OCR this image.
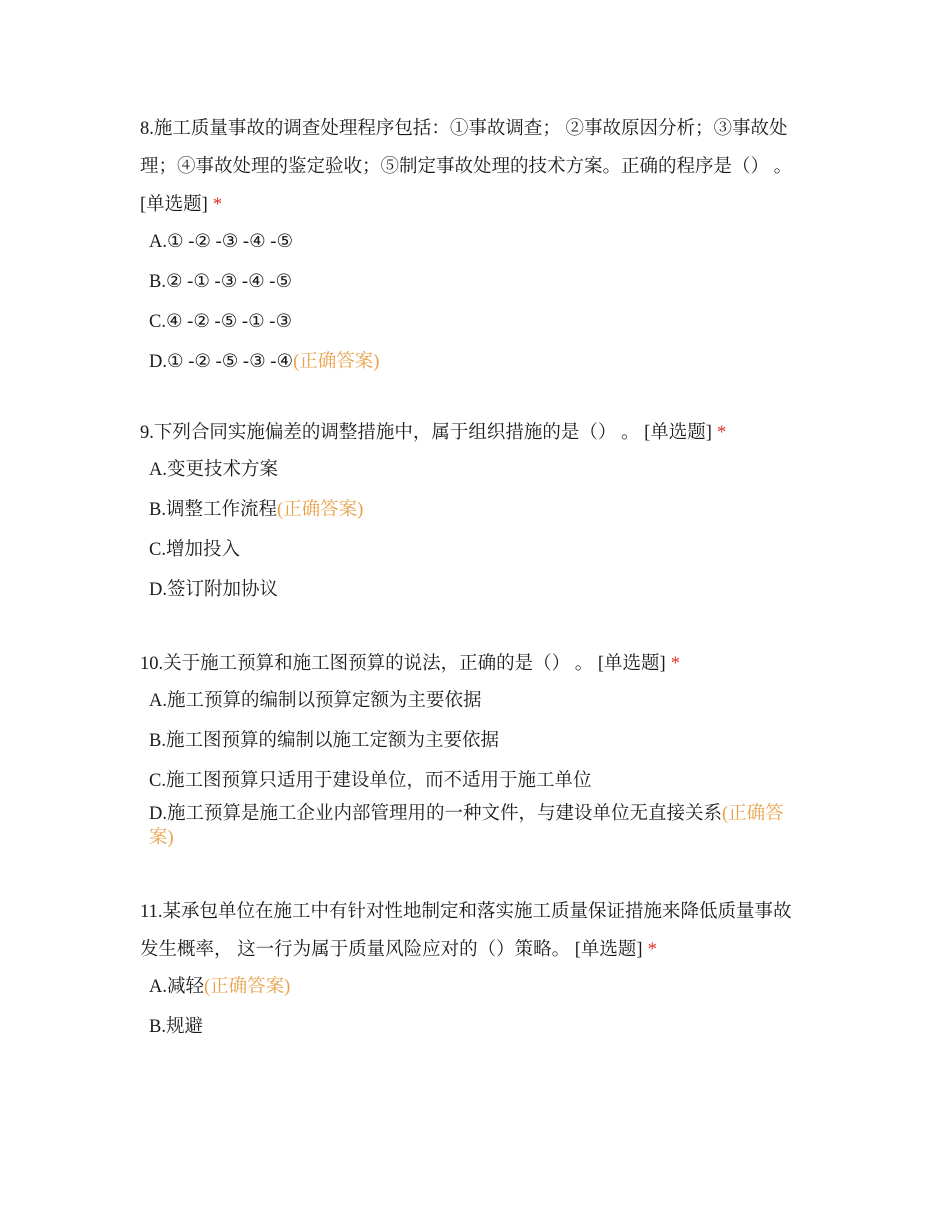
8.施工质量事故的调查处理程序包括：①事故调查； ②事故原因分析；③事故处理；④事故处理的鉴定验收；⑤制定事故处理的技术方案。正确的程序是（） 。 [单选题] *

A.① -② -③ -④ -⑤
B.② -① -③ -④ -⑤
C.④ -② -⑤ -① -③
D.① -② -⑤ -③ -④(正确答案)

9.下列合同实施偏差的调整措施中，属于组织措施的是（） 。 [单选题] *

A.变更技术方案
B.调整工作流程(正确答案)
C.增加投入
D.签订附加协议

10.关于施工预算和施工图预算的说法，正确的是（） 。 [单选题] *

A.施工预算的编制以预算定额为主要依据
B.施工图预算的编制以施工定额为主要依据
C.施工图预算只适用于建设单位，而不适用于施工单位
D.施工预算是施工企业内部管理用的一种文件，与建设单位无直接关系(正确答案)

11.某承包单位在施工中有针对性地制定和落实施工质量保证措施来降低质量事故发生概率， 这一行为属于质量风险应对的（）策略。 [单选题] *

A.减轻(正确答案)
B.规避
